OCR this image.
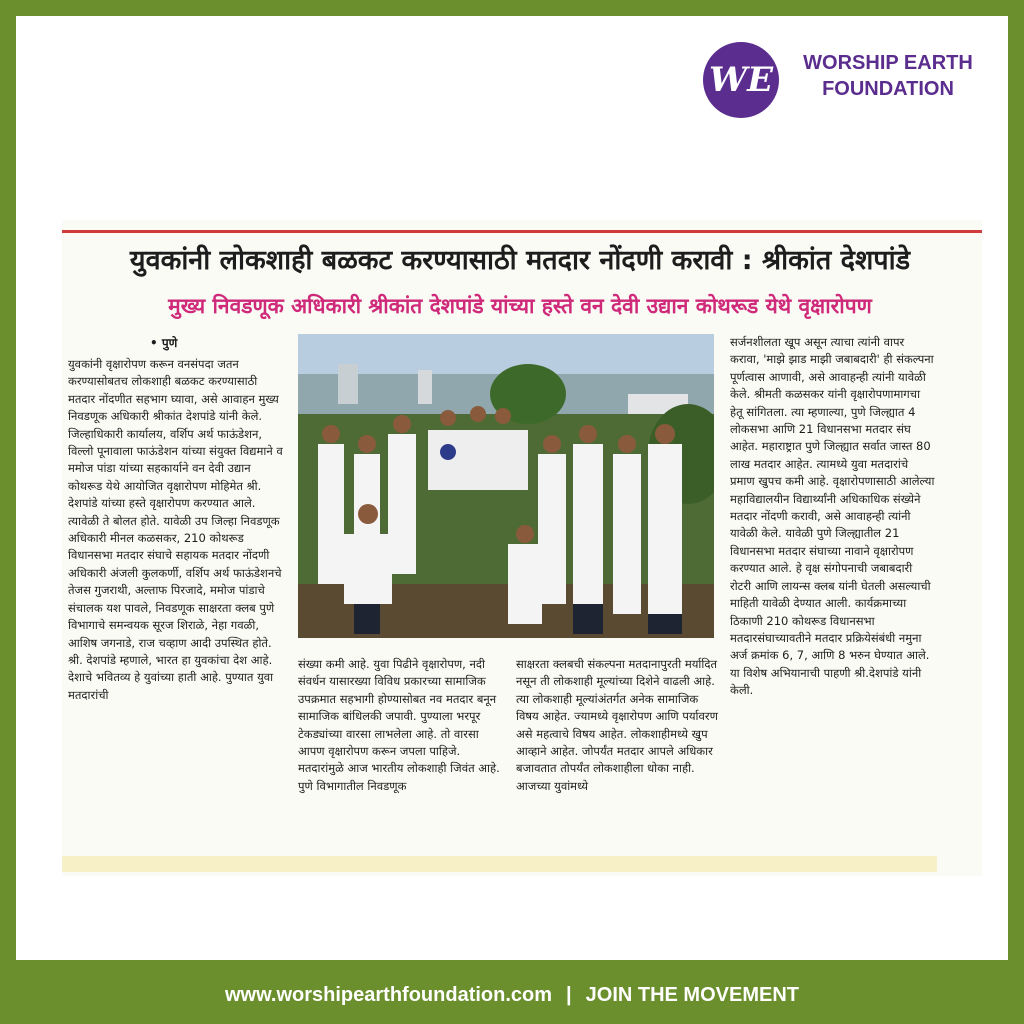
WE	WORSHIP EARTH
FOUNDATION
युवकांनी लोकशाही बळकट करण्यासाठी मतदार नोंदणी करावी : श्रीकांत देशपांडे
मुख्य निवडणूक अधिकारी श्रीकांत देशपांडे यांच्या हस्ते वन देवी उद्यान कोथरूड येथे वृक्षारोपण
• पुणे
युवकांनी वृक्षारोपण करून वनसंपदा जतन करण्यासोबतच लोकशाही बळकट करण्यासाठी मतदार नोंदणीत सहभाग घ्यावा, असे आवाहन मुख्य निवडणूक अधिकारी श्रीकांत देशपांडे यांनी केले. जिल्हाधिकारी कार्यालय, वर्शिप अर्थ फाऊंडेशन, विल्लो पूनावाला फाऊंडेशन यांच्या संयुक्त विद्यमाने व ममोज पांडा यांच्या सहकार्याने वन देवी उद्यान कोथरूड येथे आयोजित वृक्षारोपण मोहिमेत श्री. देशपांडे यांच्या हस्ते वृक्षारोपण करण्यात आले. त्यावेळी ते बोलत होते. यावेळी उप जिल्हा निवडणूक अधिकारी मीनल कळसकर, 210 कोथरूड विधानसभा मतदार संघाचे सहायक मतदार नोंदणी अधिकारी अंजली कुलकर्णी, वर्शिप अर्थ फाऊंडेशनचे तेजस गुजराथी, अल्ताफ पिरजादे, ममोज पांडाचे संचालक यश पावले, निवडणूक साक्षरता क्लब पुणे विभागाचे समन्वयक सूरज शिराळे, नेहा गवळी, आशिष जगनाडे, राज चव्हाण आदी उपस्थित होते. श्री. देशपांडे म्हणाले, भारत हा युवकांचा देश आहे. देशाचे भवितव्य हे युवांच्या हाती आहे. पुण्यात युवा मतदारांची
संख्या कमी आहे. युवा पिढीने वृक्षारोपण, नदी संवर्धन यासारख्या विविध प्रकारच्या सामाजिक उपक्रमात सहभागी होण्यासोबत नव मतदार बनून सामाजिक बांधिलकी जपावी. पुण्याला भरपूर टेकड्यांच्या वारसा लाभलेला आहे. तो वारसा आपण वृक्षारोपण करून जपला पाहिजे. मतदारांमुळे आज भारतीय लोकशाही जिवंत आहे. पुणे विभागातील निवडणूक
साक्षरता क्लबची संकल्पना मतदानापुरती मर्यादित नसून ती लोकशाही मूल्यांच्या दिशेने वाढली आहे. त्या लोकशाही मूल्यांअंतर्गत अनेक सामाजिक विषय आहेत. ज्यामध्ये वृक्षारोपण आणि पर्यावरण असे महत्वाचे विषय आहेत. लोकशाहीमध्ये खुप आव्हाने आहेत. जोपर्यंत मतदार आपले अधिकार बजावतात तोपर्यंत लोकशाहीला धोका नाही. आजच्या युवांमध्ये
सर्जनशीलता खूप असून त्याचा त्यांनी वापर करावा, 'माझे झाड माझी जबाबदारी' ही संकल्पना पूर्णत्वास आणावी, असे आवाहन्ही त्यांनी यावेळी केले. श्रीमती कळसकर यांनी वृक्षारोपणामागचा हेतू सांगितला. त्या म्हणाल्या, पुणे जिल्ह्यात 4 लोकसभा आणि 21 विधानसभा मतदार संघ आहेत. महाराष्ट्रात पुणे जिल्ह्यात सर्वात जास्त 80 लाख मतदार आहेत. त्यामध्ये युवा मतदारांचे प्रमाण खुपच कमी आहे. वृक्षारोपणासाठी आलेल्या महाविद्यालयीन विद्यार्थ्यांनी अधिकाधिक संख्येने मतदार नोंदणी करावी, असे आवाहन्ही त्यांनी यावेळी केले. यावेळी पुणे जिल्ह्यातील 21 विधानसभा मतदार संघाच्या नावाने वृक्षारोपण करण्यात आले. हे वृक्ष संगोपनाची जबाबदारी रोटरी आणि लायन्स क्लब यांनी घेतली असल्याची माहिती यावेळी देण्यात आली. कार्यक्रमाच्या ठिकाणी 210 कोथरूड विधानसभा मतदारसंघाच्यावतीने मतदार प्रक्रियेसंबंधी नमुना अर्ज क्रमांक 6, 7, आणि 8 भरुन घेण्यात आले. या विशेष अभियानाची पाहणी श्री.देशपांडे यांनी केली.
www.worshipearthfoundation.com | JOIN THE MOVEMENT
